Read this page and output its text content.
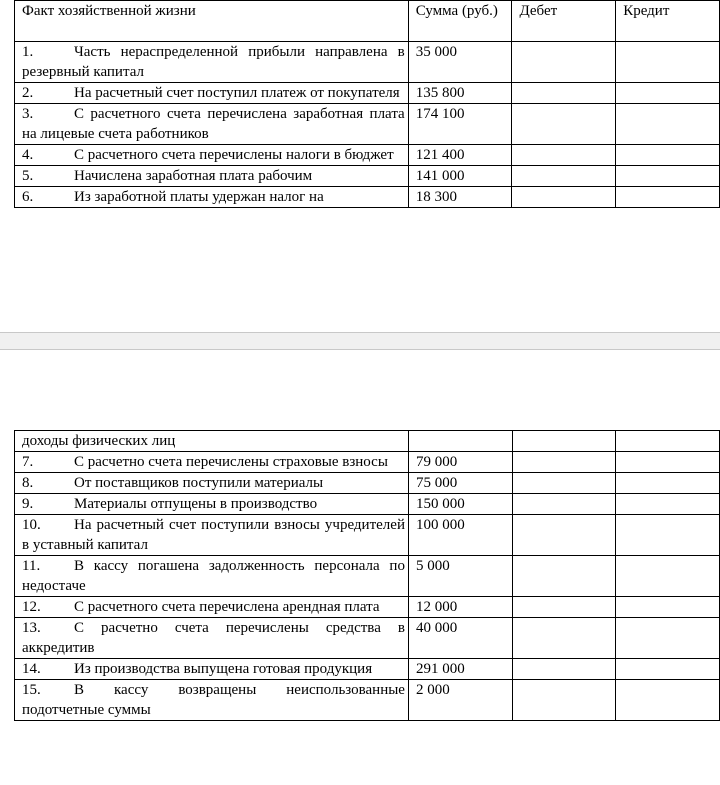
Факт хозяйственной жизни	Сумма (руб.)	Дебет	Кредит
1. Часть нераспределенной прибыли направлена в резервный капитал	35 000		
2. На расчетный счет поступил платеж от покупателя	135 800		
3. С расчетного счета перечислена заработная плата на лицевые счета работников	174 100		
4. С расчетного счета перечислены налоги в бюджет	121 400		
5. Начислена заработная плата рабочим	141 000		
6. Из заработной платы удержан налог на	18 300		
доходы физических лиц			
7. С расчетно счета перечислены страховые взносы	79 000		
8. От поставщиков поступили материалы	75 000		
9. Материалы отпущены в производство	150 000		
10. На расчетный счет поступили взносы учредителей в уставный капитал	100 000		
11. В кассу погашена задолженность персонала по недостаче	5 000		
12. С расчетного счета перечислена арендная плата	12 000		
13. С расчетно счета перечислены средства в аккредитив	40 000		
14. Из производства выпущена готовая продукция	291 000		
15. В кассу возвращены неиспользованные подотчетные суммы	2 000		
